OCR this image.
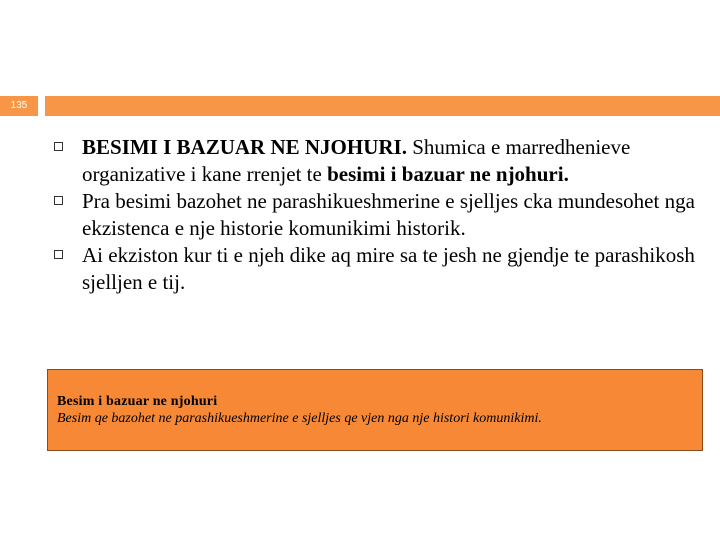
135
BESIMI I BAZUAR NE NJOHURI. Shumica e marredhenieve organizative i kane rrenjet te besimi i bazuar ne njohuri.
Pra besimi bazohet ne parashikueshmerine e sjelljes cka mundesohet nga ekzistenca e nje historie komunikimi historik.
Ai ekziston kur ti e njeh dike aq mire sa te jesh ne gjendje te parashikosh sjelljen e tij.
Besim i bazuar ne njohuri
Besim qe bazohet ne parashikueshmerine e sjelljes qe vjen nga nje histori komunikimi.
